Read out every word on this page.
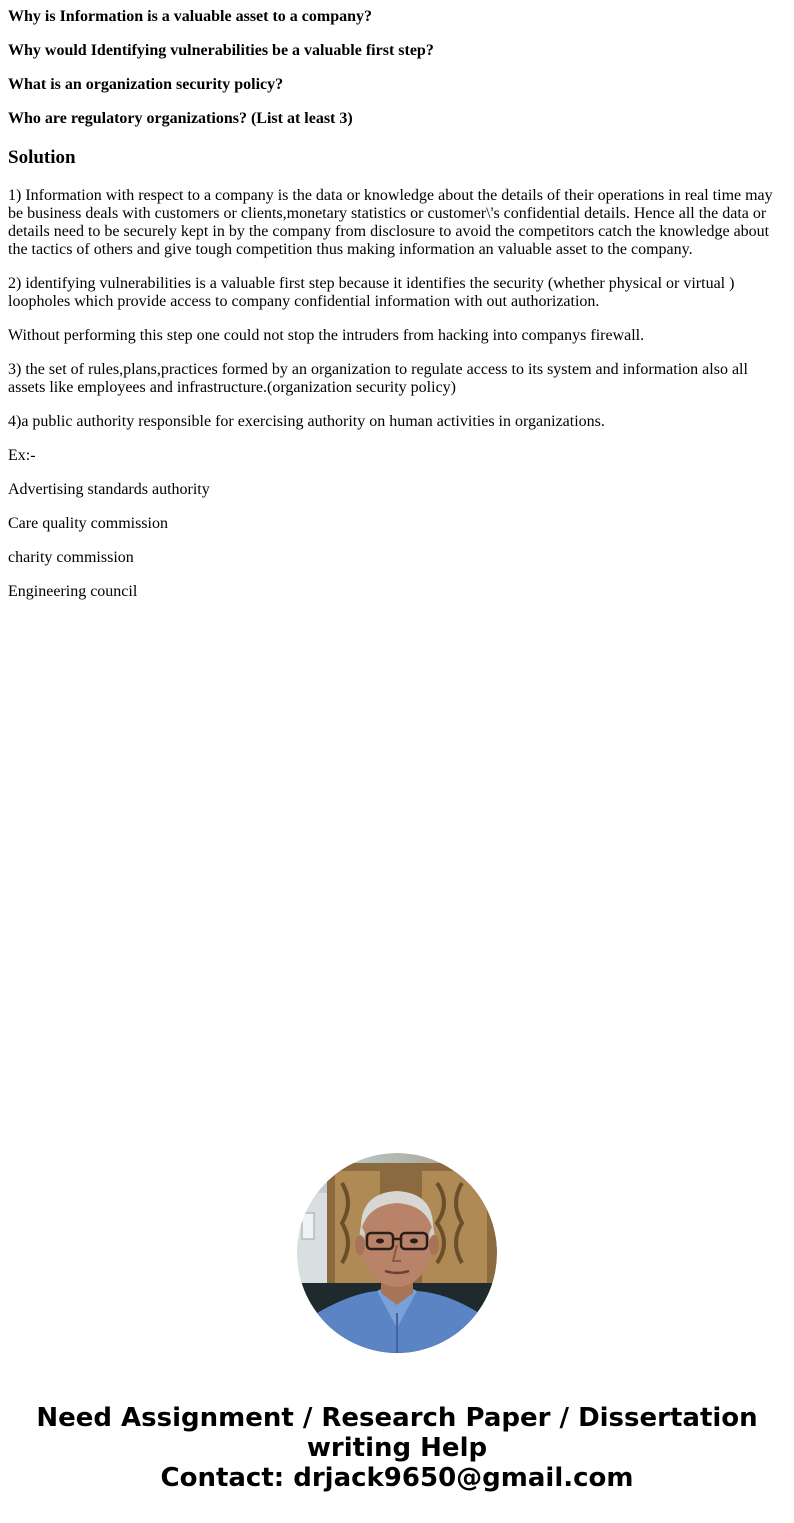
Why is Information is a valuable asset to a company?

Why would Identifying vulnerabilities be a valuable first step?

What is an organization security policy?

Who are regulatory organizations? (List at least 3)

Solution

1) Information with respect to a company is the data or knowledge about the details of their operations in real time may be business deals with customers or clients,monetary statistics or customer\'s confidential details. Hence all the data or details need to be securely kept in by the company from disclosure to avoid the competitors catch the knowledge about the tactics of others and give tough competition thus making information an valuable asset to the company.

2) identifying vulnerabilities is a valuable first step because it identifies the security (whether physical or virtual ) loopholes which provide access to company confidential information with out authorization.

Without performing this step one could not stop the intruders from hacking into companys firewall.

3) the set of rules,plans,practices formed by an organization to regulate access to its system and information also all assets like employees and infrastructure.(organization security policy)

4)a public authority responsible for exercising authority on human activities in organizations.

Ex:-

Advertising standards authority

Care quality commission

charity commission

Engineering council

Need Assignment / Research Paper / Dissertation
writing Help
Contact: drjack9650@gmail.com
